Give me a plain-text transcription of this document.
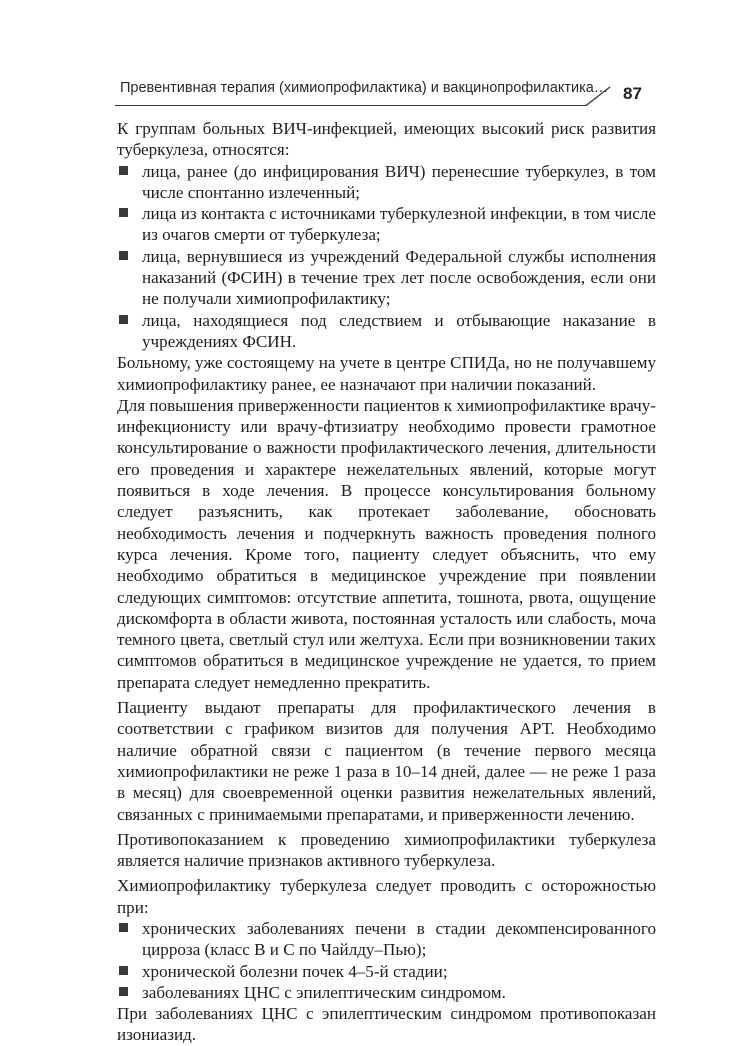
Превентивная терапия (химиопрофилактика) и вакцинопрофилактика… 87

К группам больных ВИЧ-инфекцией, имеющих высокий риск развития туберкулеза, относятся:

лица, ранее (до инфицирования ВИЧ) перенесшие туберкулез, в том числе спонтанно излеченный;
лица из контакта с источниками туберкулезной инфекции, в том числе из очагов смерти от туберкулеза;
лица, вернувшиеся из учреждений Федеральной службы исполнения наказаний (ФСИН) в течение трех лет после освобождения, если они не получали химиопрофилактику;
лица, находящиеся под следствием и отбывающие наказание в учреждениях ФСИН.

Больному, уже состоящему на учете в центре СПИДа, но не получавшему химиопрофилактику ранее, ее назначают при наличии показаний.

Для повышения приверженности пациентов к химиопрофилактике врачу-инфекционисту или врачу-фтизиатру необходимо провести грамотное консультирование о важности профилактического лечения, длительности его проведения и характере нежелательных явлений, которые могут появиться в ходе лечения. В процессе консультирования больному следует разъяснить, как протекает заболевание, обосновать необходимость лечения и подчеркнуть важность проведения полного курса лечения. Кроме того, пациенту следует объяснить, что ему необходимо обратиться в медицинское учреждение при появлении следующих симптомов: отсутствие аппетита, тошнота, рвота, ощущение дискомфорта в области живота, постоянная усталость или слабость, моча темного цвета, светлый стул или желтуха. Если при возникновении таких симптомов обратиться в медицинское учреждение не удается, то прием препарата следует немедленно прекратить.

Пациенту выдают препараты для профилактического лечения в соответствии с графиком визитов для получения АРТ. Необходимо наличие обратной связи с пациентом (в течение первого месяца химиопрофилактики не реже 1 раза в 10–14 дней, далее — не реже 1 раза в месяц) для своевременной оценки развития нежелательных явлений, связанных с принимаемыми препаратами, и приверженности лечению.

Противопоказанием к проведению химиопрофилактики туберкулеза является наличие признаков активного туберкулеза.

Химиопрофилактику туберкулеза следует проводить с осторожностью при:

хронических заболеваниях печени в стадии декомпенсированного цирроза (класс В и С по Чайлду–Пью);
хронической болезни почек 4–5-й стадии;
заболеваниях ЦНС с эпилептическим синдромом.

При заболеваниях ЦНС с эпилептическим синдромом противопоказан изониазид.
